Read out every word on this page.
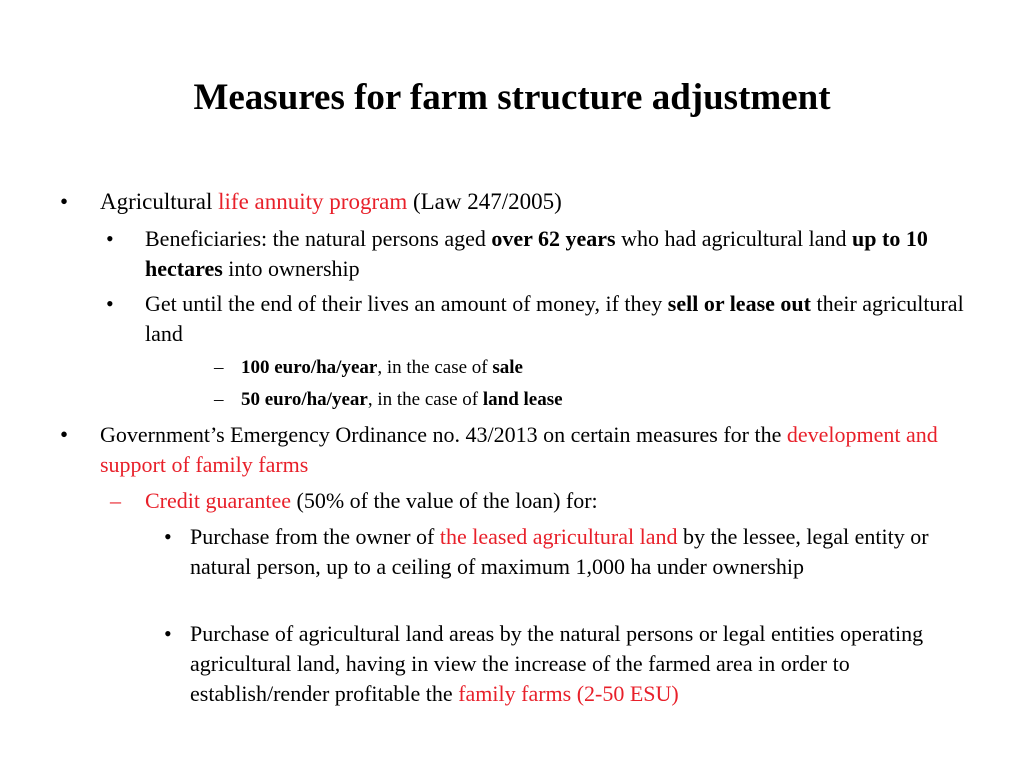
Measures for farm structure adjustment
• Agricultural life annuity program (Law 247/2005)
• Beneficiaries: the natural persons aged over 62 years who had agricultural land up to 10 hectares into ownership
• Get until the end of their lives an amount of money, if they sell or lease out their agricultural land
– 100 euro/ha/year, in the case of sale
– 50 euro/ha/year, in the case of land lease
• Government’s Emergency Ordinance no. 43/2013 on certain measures for the development and support of family farms
– Credit guarantee (50% of the value of the loan) for:
• Purchase from the owner of the leased agricultural land by the lessee, legal entity or natural person, up to a ceiling of maximum 1,000 ha under ownership
• Purchase of agricultural land areas by the natural persons or legal entities operating agricultural land, having in view the increase of the farmed area in order to establish/render profitable the family farms (2-50 ESU)
